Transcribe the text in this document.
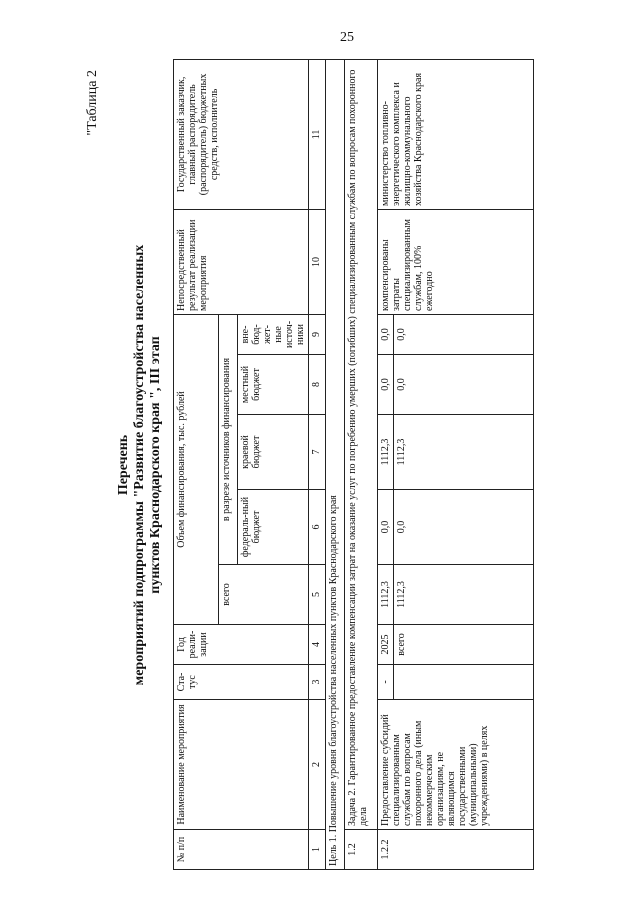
25
"Таблица 2
Перечень мероприятий подпрограммы "Развитие благоустройства населенных пунктов Краснодарского края ", III этап
№ п/п	Наименование мероприятия	Ста-тус	Год реали-зации	Объем финансирования, тыс. рублей					Непосредственный результат реализации мероприятия	Государственный заказчик, главный распорядитель (распорядитель) бюджетных средств, исполнитель
				всего	в разрезе источников финансирования					
					федераль-ный бюджет	краевой бюджет	местный бюджет	вне-бюд-жет-ные источ-ники		
1	2	3	4	5	6	7	8	9	10	11
Цель 1. Повышение уровня благоустройства населенных пунктов Краснодарского края										
1.2	Задача 2. Гарантированное предоставление компенсации затрат на оказание услуг по погребению умерших (погибших) специализированным службам по вопросам похоронного дела									
1.2.2	Предоставление субсидий специализированным службам по вопросам похоронного дела (иным некоммерческим организациям, не являющимся государственными (муниципальными) учреждениями) в целях	-	2025	1112,3	0,0	1112,3	0,0	0,0	компенсированы затраты специализированным службам, 100% ежегодно	министерство топливно-энергетического комплекса и жилищно-коммунального хозяйства Краснодарского края
			всего	1112,3	0,0	1112,3	0,0	0,0		
